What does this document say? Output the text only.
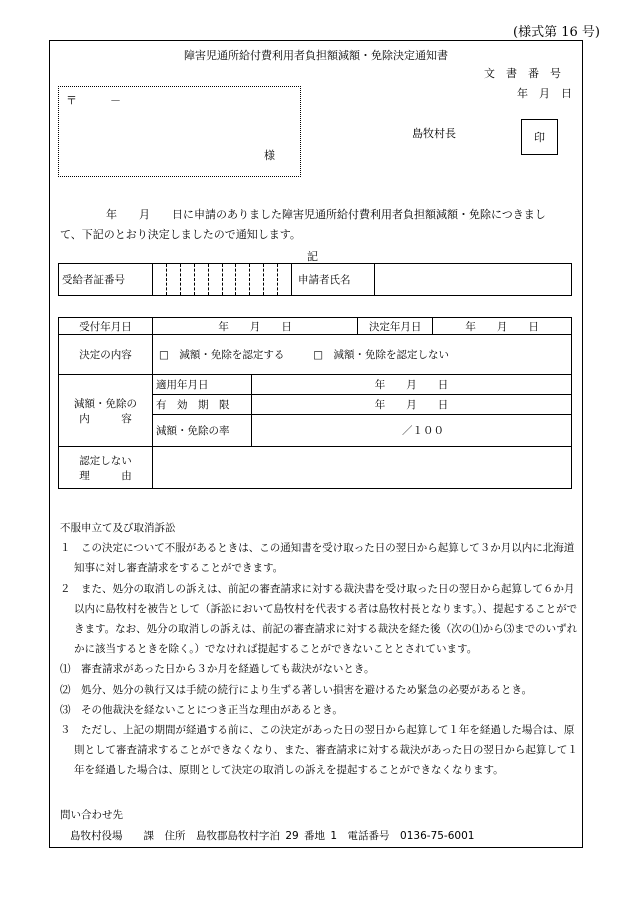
(様式第 16 号)
障害児通所給付費利用者負担額減額・免除決定通知書
文書番号
年　月　日
〒　　　－
様
島牧村長	印
年　　月　　日に申請のありました障害児通所給付費利用者負担額減額・免除につきまし
て、下記のとおり決定しましたので通知します。
記
受給者証番号		申請者氏名	
受付年月日	年　　月　　日		決定年月日	年　　月　　日
決定の内容	□　減額・免除を認定する □　減額・免除を認定しない			

減額・免除の
内　　　容	適用年月日	年　　月　　日		
	有　効　期　限	年　　月　　日		
	減額・免除の率	／１００		

認定しない
理　　　由				

不服申立て及び取消訴訟

１　この決定について不服があるときは、この通知書を受け取った日の翌日から起算して３か月以内に北海道知事に対し審査請求をすることができます。

２　また、処分の取消しの訴えは、前記の審査請求に対する裁決書を受け取った日の翌日から起算して６か月以内に島牧村を被告として（訴訟において島牧村を代表する者は島牧村長となります。）、提起することができます。なお、処分の取消しの訴えは、前記の審査請求に対する裁決を経た後（次の⑴から⑶までのいずれかに該当するときを除く。）でなければ提起することができないこととされています。

⑴　審査請求があった日から３か月を経過しても裁決がないとき。

⑵　処分、処分の執行又は手続の続行により生ずる著しい損害を避けるため緊急の必要があるとき。

⑶　その他裁決を経ないことにつき正当な理由があるとき。

３　ただし、上記の期間が経過する前に、この決定があった日の翌日から起算して１年を経過した場合は、原則として審査請求することができなくなり、また、審査請求に対する裁決があった日の翌日から起算して１年を経過した場合は、原則として決定の取消しの訴えを提起することができなくなります。

問い合わせ先
島牧村役場　　課　住所　島牧郡島牧村字泊 29 番地 1　電話番号　0136-75-6001
